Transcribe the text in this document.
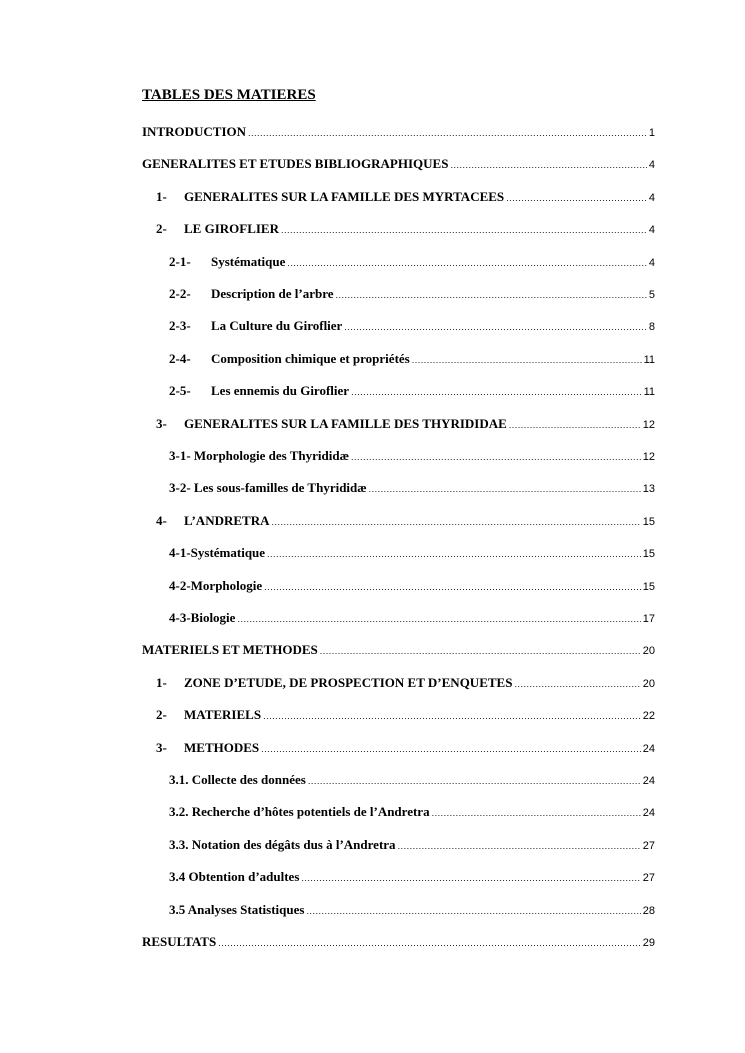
TABLES DES MATIERES
INTRODUCTION .....	1
GENERALITES ET ETUDES BIBLIOGRAPHIQUES .....	4
1-	GENERALITES SUR LA FAMILLE DES MYRTACEES .....	4
2-	LE GIROFLIER .....	4
2-1-	Systématique .....	4
2-2-	Description de l’arbre .....	5
2-3-	La Culture du Giroflier .....	8
2-4-	Composition chimique et propriétés .....	11
2-5-	Les ennemis du Giroflier .....	11
3-	GENERALITES SUR LA FAMILLE DES THYRIDIDAE .....	12
3-1- Morphologie des Thyrididæ .....	12
3-2- Les sous-familles de Thyrididæ .....	13
4-	L’ANDRETRA .....	15
4-1-Systématique .....	15
4-2-Morphologie .....	15
4-3-Biologie .....	17
MATERIELS ET METHODES .....	20
1-	ZONE D’ETUDE, DE PROSPECTION ET D’ENQUETES .....	20
2-	MATERIELS .....	22
3-	METHODES .....	24
3.1. Collecte des données .....	24
3.2. Recherche d’hôtes potentiels de l’Andretra .....	24
3.3. Notation des dégâts dus à l’Andretra .....	27
3.4 Obtention d’adultes .....	27
3.5 Analyses Statistiques .....	28
RESULTATS .....	29
